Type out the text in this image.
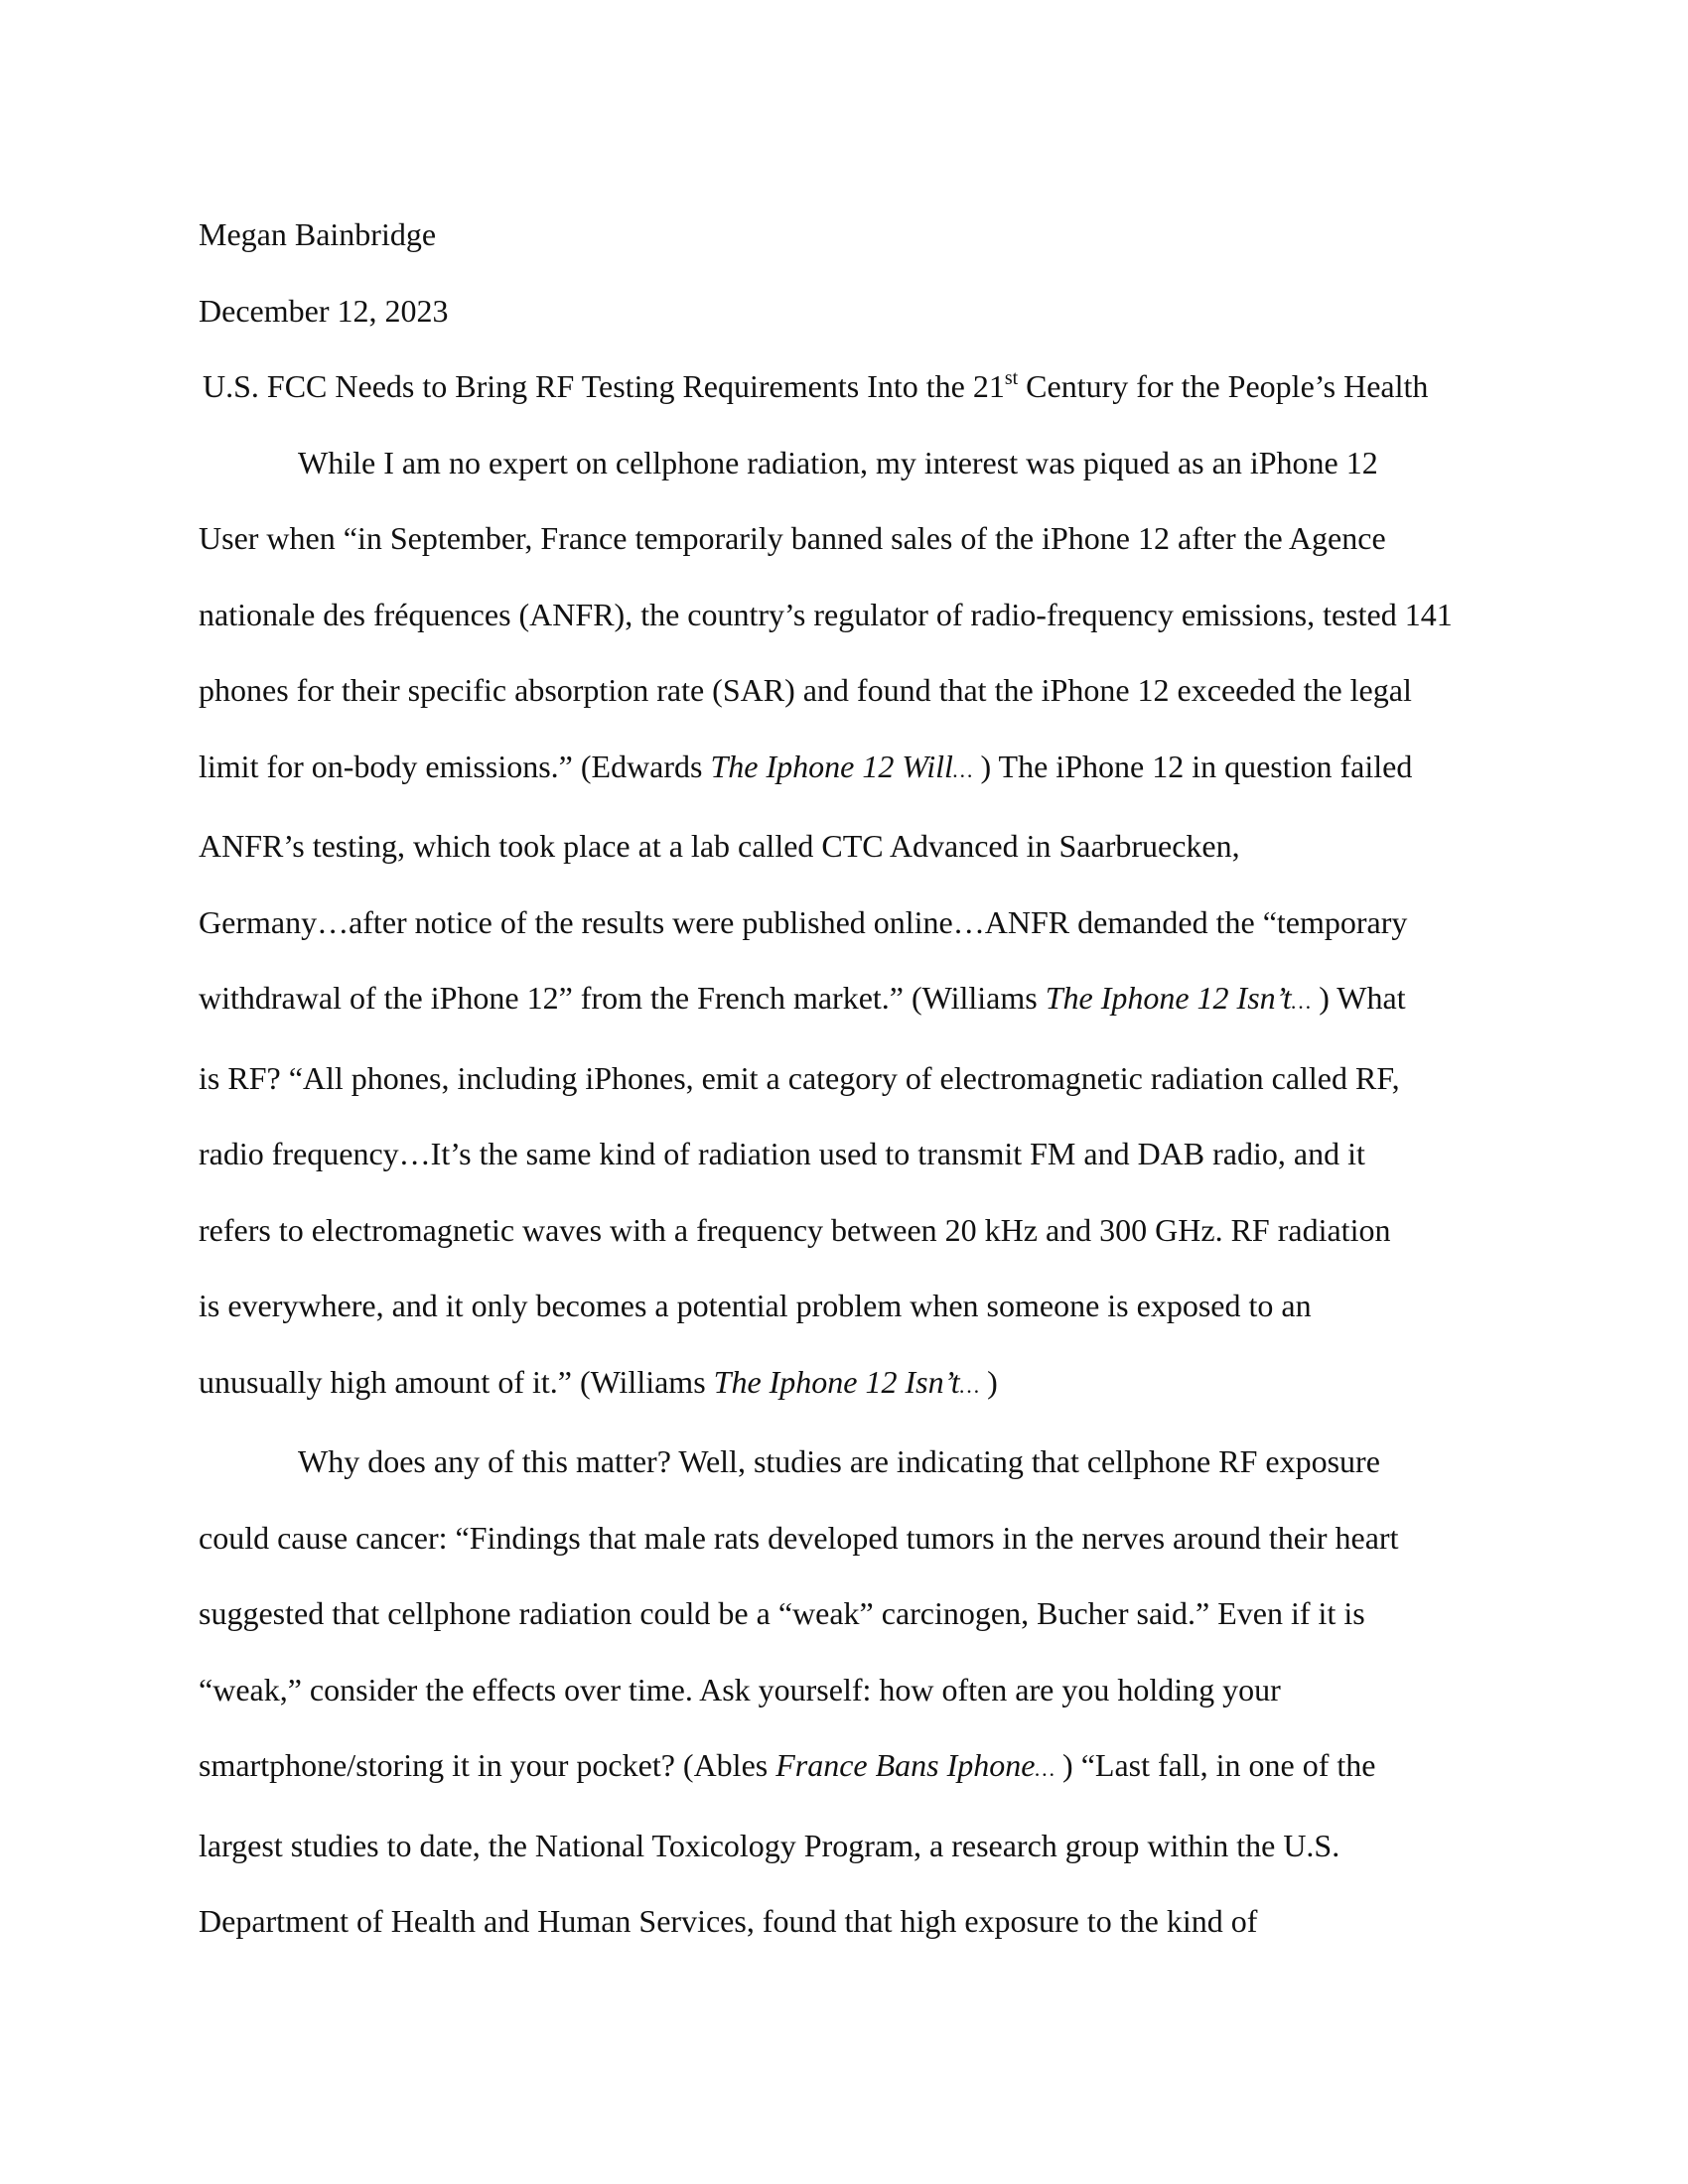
Megan Bainbridge
December 12, 2023
U.S. FCC Needs to Bring RF Testing Requirements Into the 21st Century for the People’s Health
While I am no expert on cellphone radiation, my interest was piqued as an iPhone 12
User when “in September, France temporarily banned sales of the iPhone 12 after the Agence
nationale des fréquences (ANFR), the country’s regulator of radio-frequency emissions, tested 141
phones for their specific absorption rate (SAR) and found that the iPhone 12 exceeded the legal
limit for on-body emissions.” (Edwards The Iphone 12 Will… ) The iPhone 12 in question failed
ANFR’s testing, which took place at a lab called CTC Advanced in Saarbruecken,
Germany…after notice of the results were published online…ANFR demanded the “temporary
withdrawal of the iPhone 12” from the French market.” (Williams The Iphone 12 Isn’t… ) What
is RF? “All phones, including iPhones, emit a category of electromagnetic radiation called RF,
radio frequency…It’s the same kind of radiation used to transmit FM and DAB radio, and it
refers to electromagnetic waves with a frequency between 20 kHz and 300 GHz. RF radiation
is everywhere, and it only becomes a potential problem when someone is exposed to an
unusually high amount of it.” (Williams The Iphone 12 Isn’t… )
Why does any of this matter? Well, studies are indicating that cellphone RF exposure
could cause cancer: “Findings that male rats developed tumors in the nerves around their heart
suggested that cellphone radiation could be a “weak” carcinogen, Bucher said.” Even if it is
“weak,” consider the effects over time. Ask yourself: how often are you holding your
smartphone/storing it in your pocket? (Ables France Bans Iphone… ) “Last fall, in one of the
largest studies to date, the National Toxicology Program, a research group within the U.S.
Department of Health and Human Services, found that high exposure to the kind of
